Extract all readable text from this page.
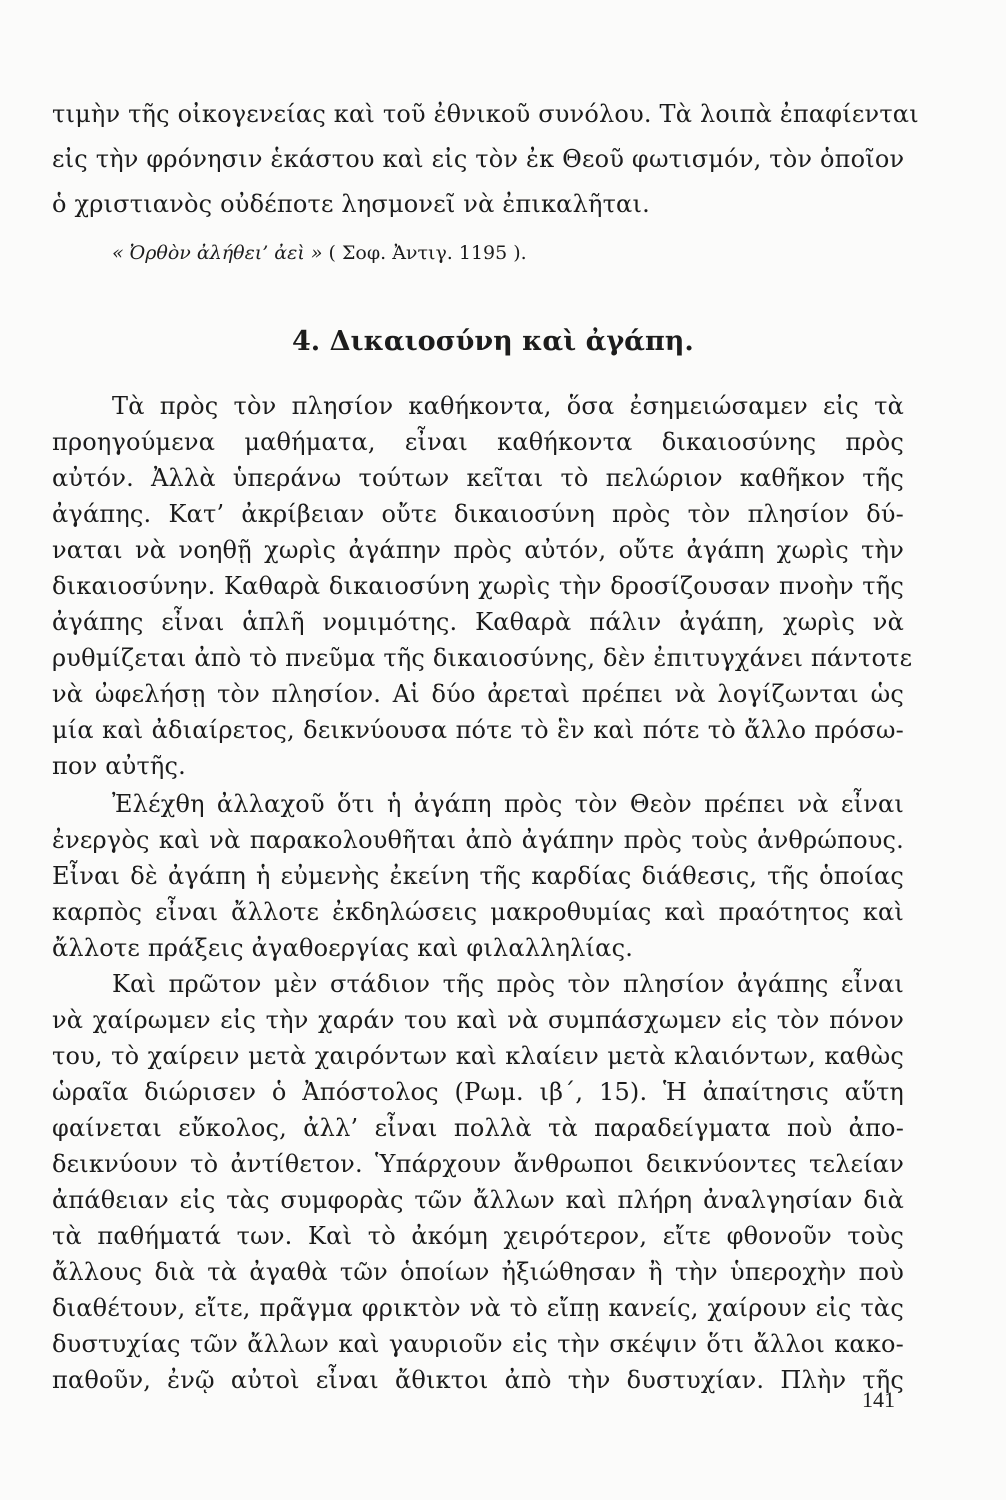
τιμὴν τῆς οἰκογενείας καὶ τοῦ ἐθνικοῦ συνόλου. Τὰ λοιπὰ ἐπαφίενται
εἰς τὴν φρόνησιν ἑκάστου καὶ εἰς τὸν ἐκ Θεοῦ φωτισμόν, τὸν ὁποῖον
ὁ χριστιανὸς οὐδέποτε λησμονεῖ νὰ ἐπικαλῆται.
« Ὀρθὸν ἀλήθει’ ἀεὶ » ( Σοφ. Ἀντιγ. 1195 ).
4. Δικαιοσύνη καὶ ἀγάπη.
Τὰ πρὸς τὸν πλησίον καθήκοντα, ὅσα ἐσημειώσαμεν εἰς τὰ
προηγούμενα μαθήματα, εἶναι καθήκοντα δικαιοσύνης πρὸς
αὐτόν. Ἀλλὰ ὑπεράνω τούτων κεῖται τὸ πελώριον καθῆκον τῆς
ἀγάπης. Κατ’ ἀκρίβειαν οὔτε δικαιοσύνη πρὸς τὸν πλησίον δύ-
ναται νὰ νοηθῇ χωρὶς ἀγάπην πρὸς αὐτόν, οὔτε ἀγάπη χωρὶς τὴν
δικαιοσύνην. Καθαρὰ δικαιοσύνη χωρὶς τὴν δροσίζουσαν πνοὴν τῆς
ἀγάπης εἶναι ἁπλῆ νομιμότης. Καθαρὰ πάλιν ἀγάπη, χωρὶς νὰ
ρυθμίζεται ἀπὸ τὸ πνεῦμα τῆς δικαιοσύνης, δὲν ἐπιτυγχάνει πάντοτε
νὰ ὠφελήσῃ τὸν πλησίον. Αἱ δύο ἀρεταὶ πρέπει νὰ λογίζωνται ὡς
μία καὶ ἀδιαίρετος, δεικνύουσα πότε τὸ ἓν καὶ πότε τὸ ἄλλο πρόσω-
πον αὐτῆς.
Ἐλέχθη ἀλλαχοῦ ὅτι ἡ ἀγάπη πρὸς τὸν Θεὸν πρέπει νὰ εἶναι
ἐνεργὸς καὶ νὰ παρακολουθῆται ἀπὸ ἀγάπην πρὸς τοὺς ἀνθρώπους.
Εἶναι δὲ ἀγάπη ἡ εὐμενὴς ἐκείνη τῆς καρδίας διάθεσις, τῆς ὁποίας
καρπὸς εἶναι ἄλλοτε ἐκδηλώσεις μακροθυμίας καὶ πραότητος καὶ
ἄλλοτε πράξεις ἀγαθοεργίας καὶ φιλαλληλίας.
Καὶ πρῶτον μὲν στάδιον τῆς πρὸς τὸν πλησίον ἀγάπης εἶναι
νὰ χαίρωμεν εἰς τὴν χαράν του καὶ νὰ συμπάσχωμεν εἰς τὸν πόνον
του, τὸ χαίρειν μετὰ χαιρόντων καὶ κλαίειν μετὰ κλαιόντων, καθὼς
ὡραῖα διώρισεν ὁ Ἀπόστολος (Ρωμ. ιβ΄, 15). Ἡ ἀπαίτησις αὕτη
φαίνεται εὔκολος, ἀλλ’ εἶναι πολλὰ τὰ παραδείγματα ποὺ ἀπο-
δεικνύουν τὸ ἀντίθετον. Ὑπάρχουν ἄνθρωποι δεικνύοντες τελείαν
ἀπάθειαν εἰς τὰς συμφορὰς τῶν ἄλλων καὶ πλήρη ἀναλγησίαν διὰ
τὰ παθήματά των. Καὶ τὸ ἀκόμη χειρότερον, εἴτε φθονοῦν τοὺς
ἄλλους διὰ τὰ ἀγαθὰ τῶν ὁποίων ἠξιώθησαν ἢ τὴν ὑπεροχὴν ποὺ
διαθέτουν, εἴτε, πρᾶγμα φρικτὸν νὰ τὸ εἴπῃ κανείς, χαίρουν εἰς τὰς
δυστυχίας τῶν ἄλλων καὶ γαυριοῦν εἰς τὴν σκέψιν ὅτι ἄλλοι κακο-
παθοῦν, ἐνῷ αὐτοὶ εἶναι ἄθικτοι ἀπὸ τὴν δυστυχίαν. Πλὴν τῆς
141
